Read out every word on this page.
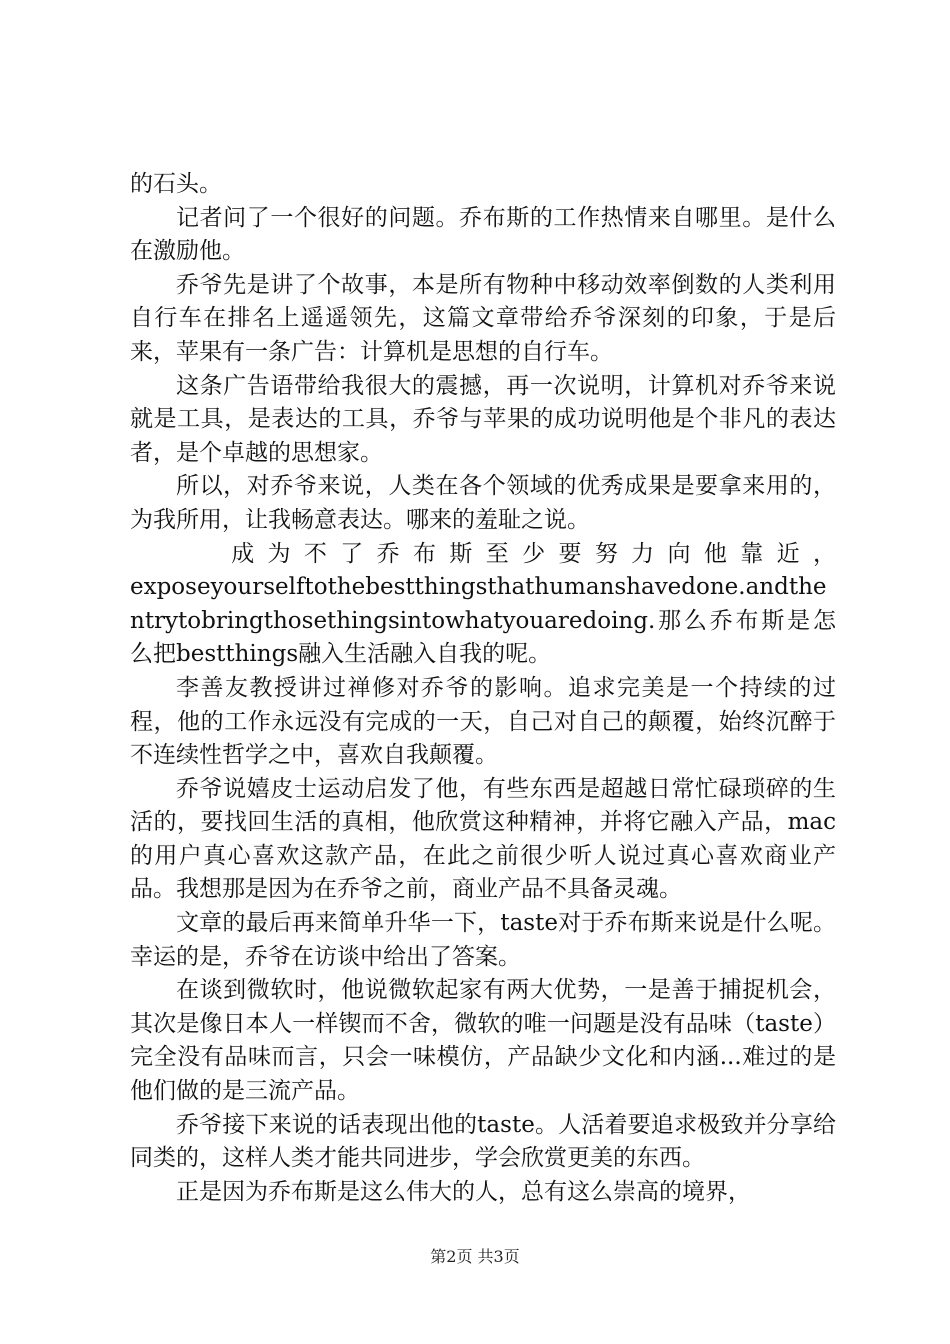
的石头。

记者问了一个很好的问题。乔布斯的工作热情来自哪里。是什么在激励他。

乔爷先是讲了个故事，本是所有物种中移动效率倒数的人类利用自行车在排名上遥遥领先，这篇文章带给乔爷深刻的印象，于是后来，苹果有一条广告：计算机是思想的自行车。

这条广告语带给我很大的震撼，再一次说明，计算机对乔爷来说就是工具，是表达的工具，乔爷与苹果的成功说明他是个非凡的表达者，是个卓越的思想家。

所以，对乔爷来说，人类在各个领域的优秀成果是要拿来用的，为我所用，让我畅意表达。哪来的羞耻之说。

成为不了乔布斯至少要努力向他靠近，

exposeyourselftothebestthingsthathumanshavedone.andthentrytobringthosethingsintowhatyouaredoing.那么乔布斯是怎么把bestthings融入生活融入自我的呢。

李善友教授讲过禅修对乔爷的影响。追求完美是一个持续的过程，他的工作永远没有完成的一天，自己对自己的颠覆，始终沉醉于不连续性哲学之中，喜欢自我颠覆。

乔爷说嬉皮士运动启发了他，有些东西是超越日常忙碌琐碎的生活的，要找回生活的真相，他欣赏这种精神，并将它融入产品，mac的用户真心喜欢这款产品，在此之前很少听人说过真心喜欢商业产品。我想那是因为在乔爷之前，商业产品不具备灵魂。

文章的最后再来简单升华一下，taste对于乔布斯来说是什么呢。幸运的是，乔爷在访谈中给出了答案。

在谈到微软时，他说微软起家有两大优势，一是善于捕捉机会，其次是像日本人一样锲而不舍，微软的唯一问题是没有品味（taste）完全没有品味而言，只会一味模仿，产品缺少文化和内涵...难过的是他们做的是三流产品。

乔爷接下来说的话表现出他的taste。人活着要追求极致并分享给同类的，这样人类才能共同进步，学会欣赏更美的东西。

正是因为乔布斯是这么伟大的人，总有这么崇高的境界，

第2页 共3页
